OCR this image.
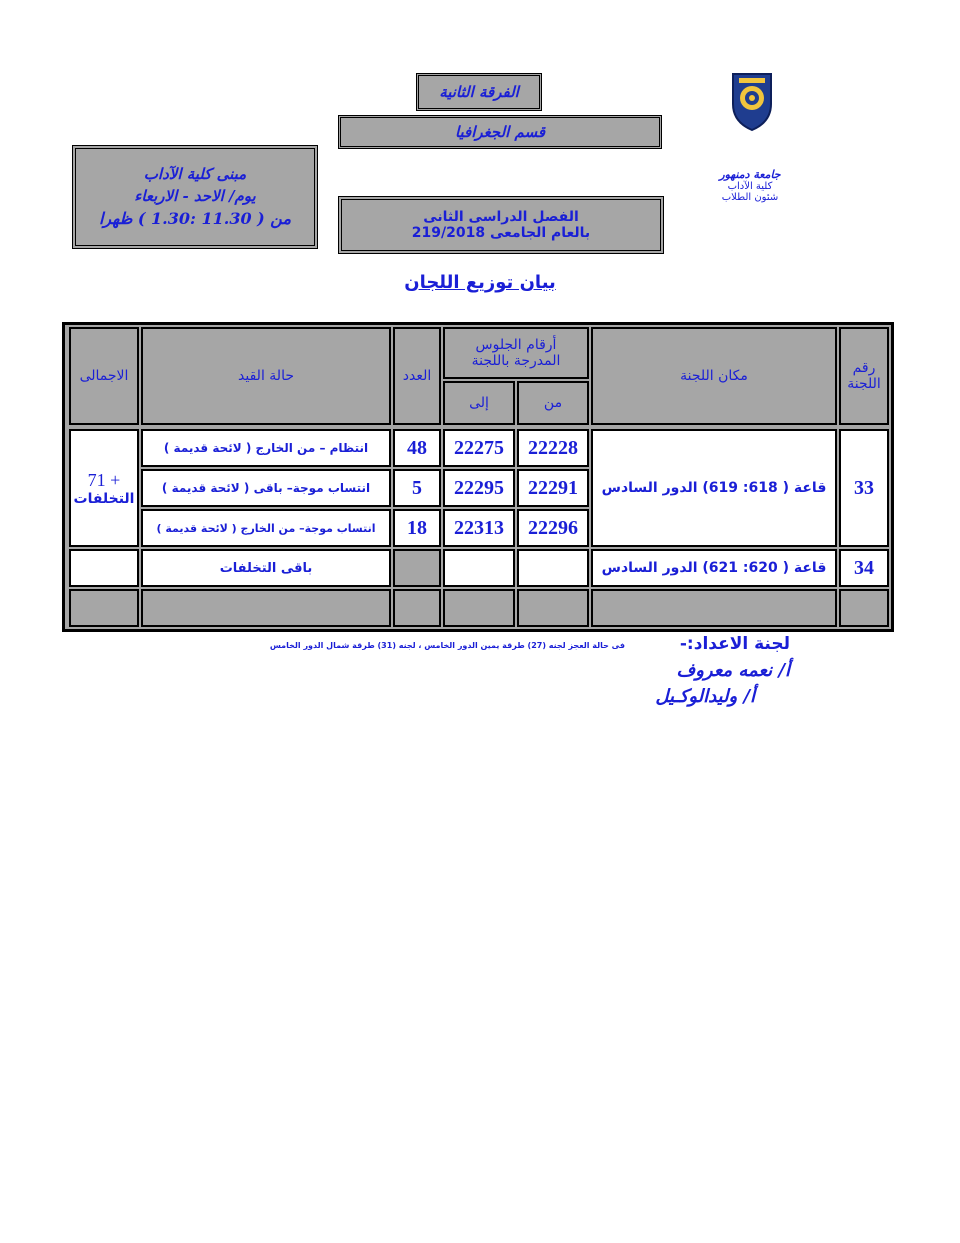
الفرقة الثانية
قسم الجغرافيا
مبنى كلية الآداب
يوم/ الاحد - الاربعاء
من ( 11.30 :1.30 ) ظهرا	الفصل الدراسى الثانى
بالعام الجامعى 219/2018
جامعة دمنهور
كلية الآداب
شئون الطلاب
بيان توزيع اللجان
رقم اللجنة
مكان اللجنة
أرقام الجلوس المدرجة باللجنة
من
إلى
العدد
حالة القيد
الاجمالى
33
قاعة ( 618: 619) الدور السادس
22228
22275
48
انتظام – من الخارج ( لائحة قديمة )
22291
22295
5
انتساب موجة– باقى ( لائحة قديمة )
22296
22313
18
انتساب موجة– من الخارج ( لائحة قديمة )
71 +
التخلفات
34
قاعة ( 620: 621) الدور السادس
باقى التخلفات
لجنة الاعداد:-
فى حالة العجز لجنه (27) طرقة يمين الدور الخامس ، لجنه (31) طرقة شمال الدور الخامس
أ/ نعمه معروف
أ/ وليدالوكـيل
